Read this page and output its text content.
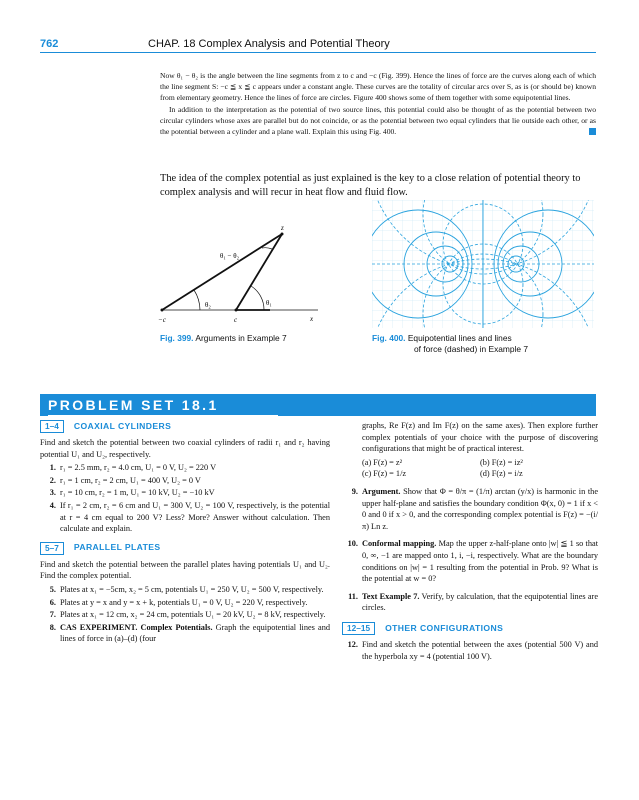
762	CHAP. 18 Complex Analysis and Potential Theory

Now θ₁ − θ₂ is the angle between the line segments from z to c and −c (Fig. 399). Hence the lines of force are the curves along each of which the line segment S: −c ≦ x ≦ c appears under a constant angle. These curves are the totality of circular arcs over S, as is (or should be) known from elementary geometry. Hence the lines of force are circles. Figure 400 shows some of them together with some equipotential lines.

In addition to the interpretation as the potential of two source lines, this potential could also be thought of as the potential between two circular cylinders whose axes are parallel but do not coincide, or as the potential between two equal cylinders that lie outside each other, or as the potential between a cylinder and a plane wall. Explain this using Fig. 400.

The idea of the complex potential as just explained is the key to a close relation of potential theory to complex analysis and will recur in heat flow and fluid flow.

z
θ₁ − θ₂
θ₁
θ₂
−c	c	x
Fig. 399. Arguments in Example 7	Fig. 400. Equipotential lines and lines
of force (dashed) in Example 7
PROBLEM SET 18.1
1–4	COAXIAL CYLINDERS

Find and sketch the potential between two coaxial cylinders of radii r₁ and r₂ having potential U₁ and U₂, respectively.

1. r₁ = 2.5 mm, r₂ = 4.0 cm, U₁ = 0 V, U₂ = 220 V
2. r₁ = 1 cm, r₂ = 2 cm, U₁ = 400 V, U₂ = 0 V
3. r₁ = 10 cm, r₂ = 1 m, U₁ = 10 kV, U₂ = −10 kV
4. If r₁ = 2 cm, r₂ = 6 cm and U₁ = 300 V, U₂ = 100 V, respectively, is the potential at r = 4 cm equal to 200 V? Less? More? Answer without calculation. Then calculate and explain.
5–7	PARALLEL PLATES

Find and sketch the potential between the parallel plates having potentials U₁ and U₂. Find the complex potential.

5. Plates at x₁ = −5cm, x₂ = 5 cm, potentials U₁ = 250 V, U₂ = 500 V, respectively.
6. Plates at y = x and y = x + k, potentials U₁ = 0 V, U₂ = 220 V, respectively.
7. Plates at x₁ = 12 cm, x₂ = 24 cm, potentials U₁ = 20 kV, U₂ = 8 kV, respectively.
8. CAS EXPERIMENT. Complex Potentials. Graph the equipotential lines and lines of force in (a)–(d) (four

graphs, Re F(z) and Im F(z) on the same axes). Then explore further complex potentials of your choice with the purpose of discovering configurations that might be of practical interest.

(a) F(z) = z²	(b) F(z) = iz²
(c) F(z) = 1/z	(d) F(z) = i/z
9. Argument. Show that Φ = θ/π = (1/π) arctan (y/x) is harmonic in the upper half-plane and satisfies the boundary condition Φ(x, 0) = 1 if x < 0 and 0 if x > 0, and the corresponding complex potential is F(z) = −(i/π) Ln z.
10. Conformal mapping. Map the upper z-half-plane onto |w| ≦ 1 so that 0, ∞, −1 are mapped onto 1, i, −i, respectively. What are the boundary conditions on |w| = 1 resulting from the potential in Prob. 9? What is the potential at w = 0?
11. Text Example 7. Verify, by calculation, that the equipotential lines are circles.
12–15	OTHER CONFIGURATIONS
12. Find and sketch the potential between the axes (potential 500 V) and the hyperbola xy = 4 (potential 100 V).
